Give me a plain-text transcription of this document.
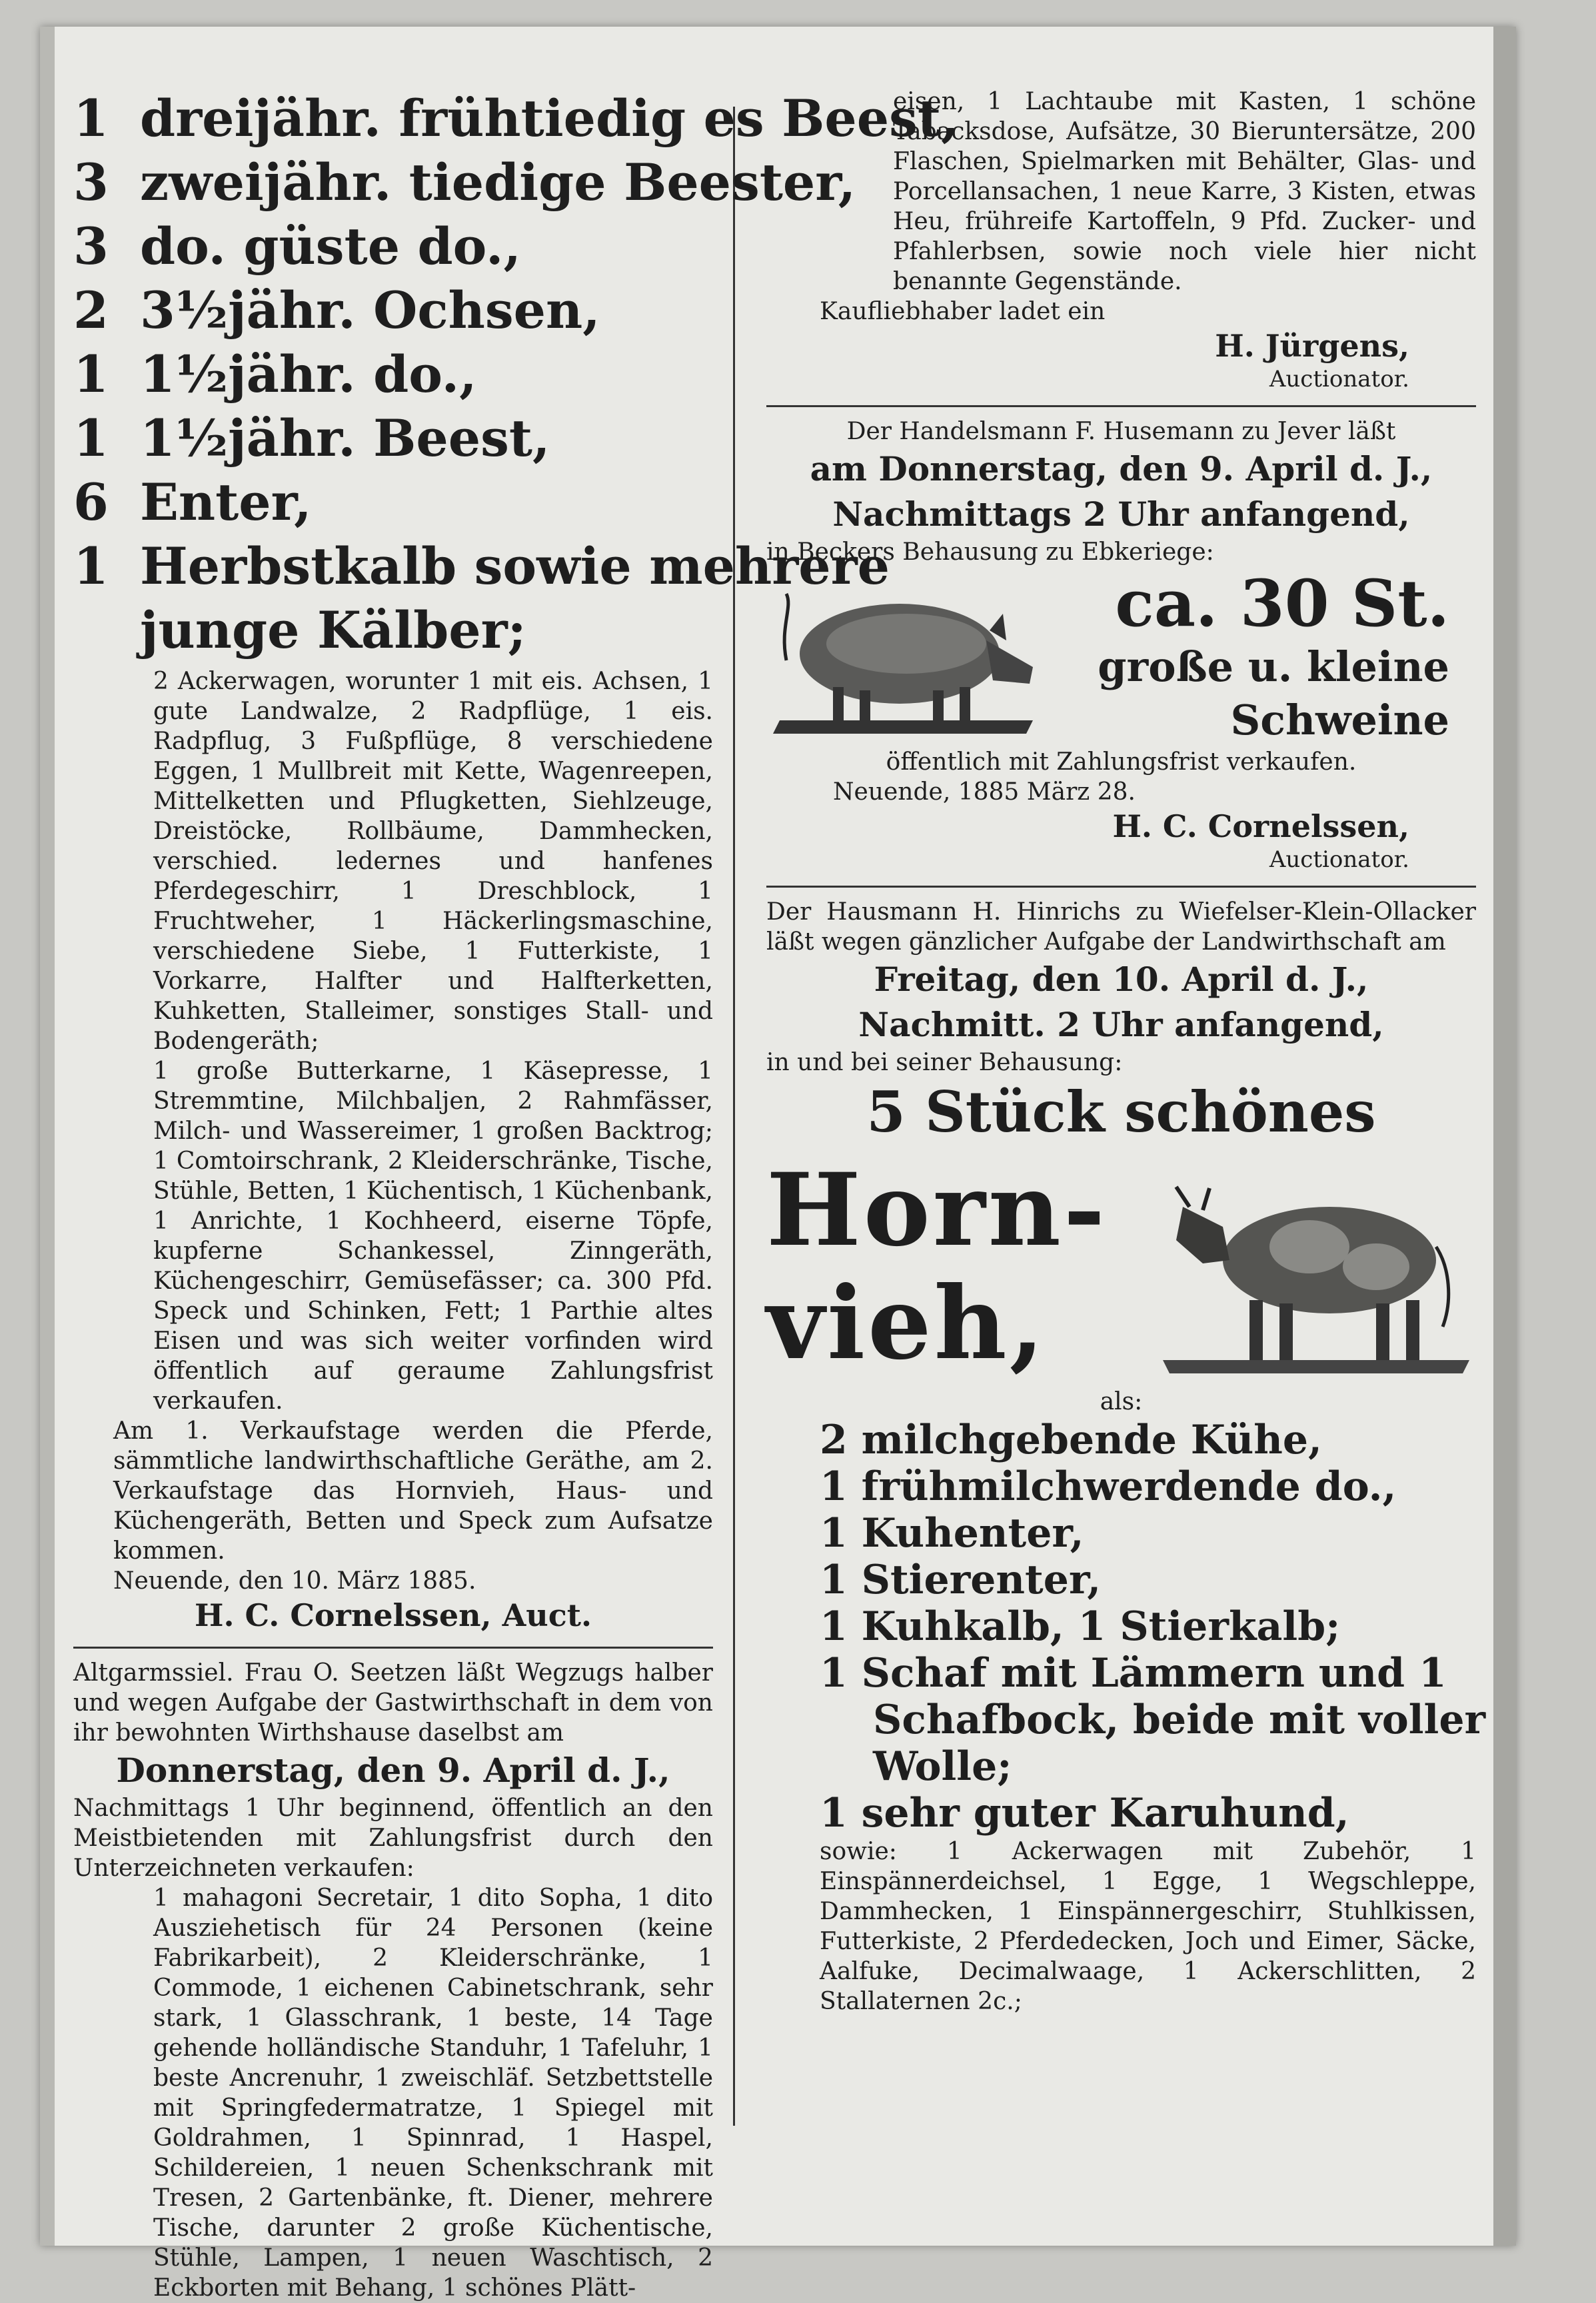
1 dreijähr. frühtiedig es Beest,

3 zweijähr. tiedige Beester,

3 do. güste do.,

2 3½jähr. Ochsen,

1 1½jähr. do.,

1 1½jähr. Beest,

6 Enter,

1 Herbstkalb sowie mehrere

junge Kälber;

2 Ackerwagen, worunter 1 mit eis. Achsen, 1 gute Landwalze, 2 Radpflüge, 1 eis. Radpflug, 3 Fußpflüge, 8 verschiedene Eggen, 1 Mullbreit mit Kette, Wagenreepen, Mittelketten und Pflugketten, Siehlzeuge, Dreistöcke, Rollbäume, Dammhecken, verschied. ledernes und hanfenes Pferdegeschirr, 1 Dreschblock, 1 Fruchtweher, 1 Häckerlingsmaschine, verschiedene Siebe, 1 Futterkiste, 1 Vorkarre, Halfter und Halfterketten, Kuhketten, Stalleimer, sonstiges Stall- und Bodengeräth;

1 große Butterkarne, 1 Käsepresse, 1 Stremmtine, Milchbaljen, 2 Rahmfässer, Milch- und Wassereimer, 1 großen Backtrog; 1 Comtoirschrank, 2 Kleiderschränke, Tische, Stühle, Betten, 1 Küchentisch, 1 Küchenbank, 1 Anrichte, 1 Kochheerd, eiserne Töpfe, kupferne Schankessel, Zinngeräth, Küchengeschirr, Gemüsefässer; ca. 300 Pfd. Speck und Schinken, Fett; 1 Parthie altes Eisen und was sich weiter vorfinden wird öffentlich auf geraume Zahlungsfrist verkaufen.

Am 1. Verkaufstage werden die Pferde, sämmtliche landwirthschaftliche Geräthe, am 2. Verkaufstage das Hornvieh, Haus- und Küchengeräth, Betten und Speck zum Aufsatze kommen.

Neuende, den 10. März 1885.

H. C. Cornelssen, Auct.

Altgarmssiel. Frau O. Seetzen läßt Wegzugs halber und wegen Aufgabe der Gastwirthschaft in dem von ihr bewohnten Wirthshause daselbst am

Donnerstag, den 9. April d. J.,

Nachmittags 1 Uhr beginnend, öffentlich an den Meistbietenden mit Zahlungsfrist durch den Unterzeichneten verkaufen:

1 mahagoni Secretair, 1 dito Sopha, 1 dito Ausziehetisch für 24 Personen (keine Fabrikarbeit), 2 Kleiderschränke, 1 Commode, 1 eichenen Cabinetschrank, sehr stark, 1 Glasschrank, 1 beste, 14 Tage gehende holländische Standuhr, 1 Tafeluhr, 1 beste Ancrenuhr, 1 zweischläf. Setzbettstelle mit Springfedermatratze, 1 Spiegel mit Goldrahmen, 1 Spinnrad, 1 Haspel, Schildereien, 1 neuen Schenkschrank mit Tresen, 2 Gartenbänke, ft. Diener, mehrere Tische, darunter 2 große Küchentische, Stühle, Lampen, 1 neuen Waschtisch, 2 Eckborten mit Behang, 1 schönes Plätt-

eisen, 1 Lachtaube mit Kasten, 1 schöne Tabacksdose, Aufsätze, 30 Bieruntersätze, 200 Flaschen, Spielmarken mit Behälter, Glas- und Porcellansachen, 1 neue Karre, 3 Kisten, etwas Heu, frühreife Kartoffeln, 9 Pfd. Zucker- und Pfahlerbsen, sowie noch viele hier nicht benannte Gegenstände.

Kaufliebhaber ladet ein

H. Jürgens,

Auctionator.

Der Handelsmann F. Husemann zu Jever läßt

am Donnerstag, den 9. April d. J.,

Nachmittags 2 Uhr anfangend,

in Beckers Behausung zu Ebkeriege:

ca. 30 St.

große u. kleine

Schweine

öffentlich mit Zahlungsfrist verkaufen.

Neuende, 1885 März 28.

H. C. Cornelssen,

Auctionator.

Der Hausmann H. Hinrichs zu Wiefelser-Klein-Ollacker läßt wegen gänzlicher Aufgabe der Landwirthschaft am

Freitag, den 10. April d. J.,

Nachmitt. 2 Uhr anfangend,

in und bei seiner Behausung:

5 Stück schönes

Horn-

vieh,

als:

2 milchgebende Kühe,

1 frühmilchwerdende do.,

1 Kuhenter,

1 Stierenter,

1 Kuhkalb, 1 Stierkalb;

1 Schaf mit Lämmern und 1

Schafbock, beide mit voller

Wolle;

1 sehr guter Karuhund,

sowie: 1 Ackerwagen mit Zubehör, 1 Einspännerdeichsel, 1 Egge, 1 Wegschleppe, Dammhecken, 1 Einspännergeschirr, Stuhlkissen, Futterkiste, 2 Pferdedecken, Joch und Eimer, Säcke, Aalfuke, Decimalwaage, 1 Ackerschlitten, 2 Stallaternen 2c.;
